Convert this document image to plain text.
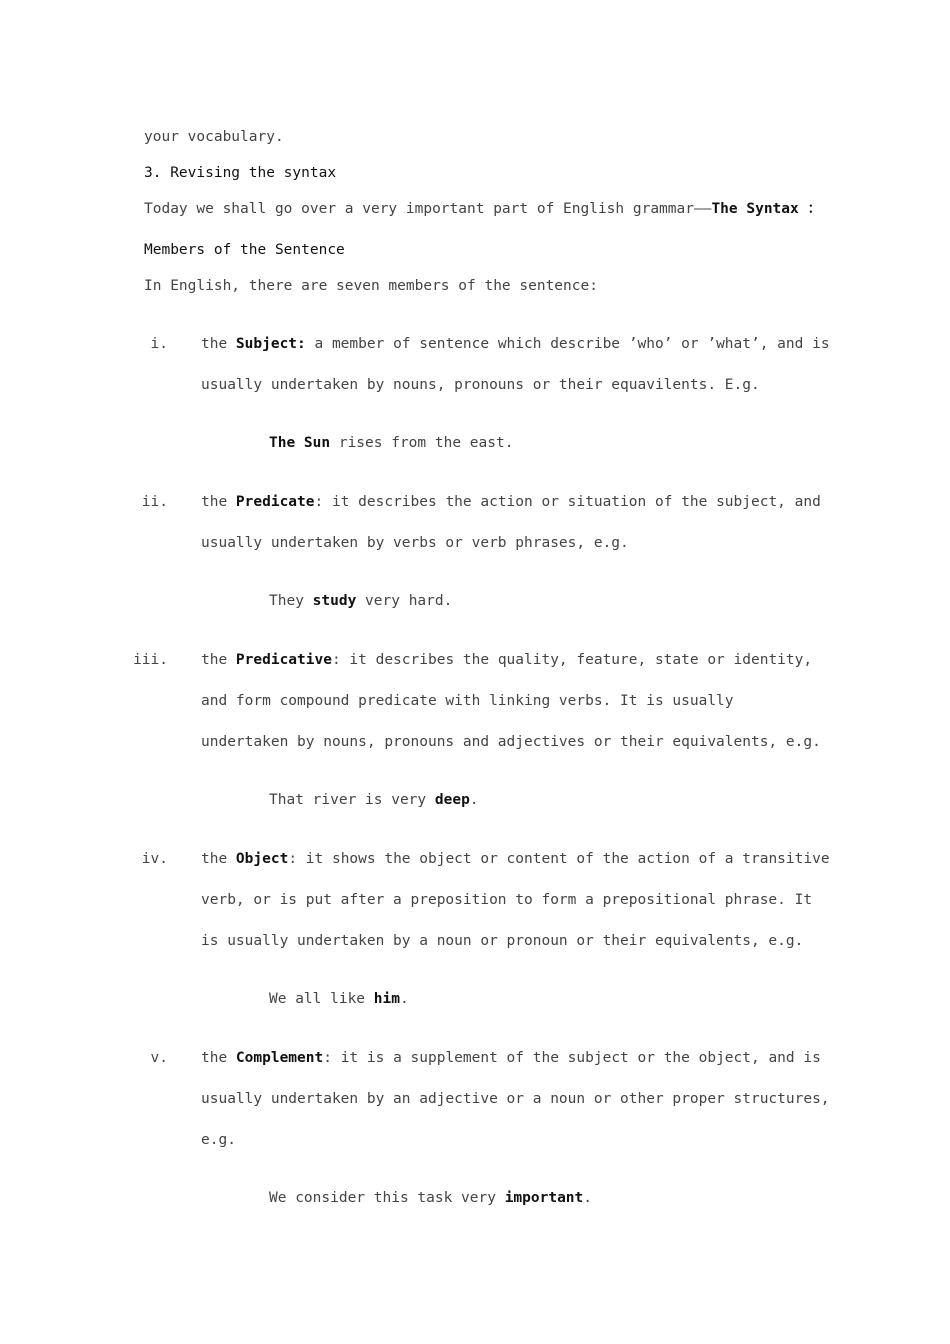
your vocabulary.
3. Revising the syntax
Today we shall go over a very important part of English grammar——The Syntax ：
Members of the Sentence
In English, there are seven members of the sentence:
i. the Subject: a member of sentence which describe ’who’ or ’what’, and is
usually undertaken by nouns, pronouns or their equavilents. E.g.
The Sun rises from the east.
ii. the Predicate: it describes the action or situation of the subject, and
usually undertaken by verbs or verb phrases, e.g.
They study very hard.
iii. the Predicative: it describes the quality, feature, state or identity,
and form compound predicate with linking verbs. It is usually
undertaken by nouns, pronouns and adjectives or their equivalents, e.g.
That river is very deep.
iv. the Object: it shows the object or content of the action of a transitive
verb, or is put after a preposition to form a prepositional phrase. It
is usually undertaken by a noun or pronoun or their equivalents, e.g.
We all like him.
v. the Complement: it is a supplement of the subject or the object, and is
usually undertaken by an adjective or a noun or other proper structures,
e.g.
We consider this task very important.
